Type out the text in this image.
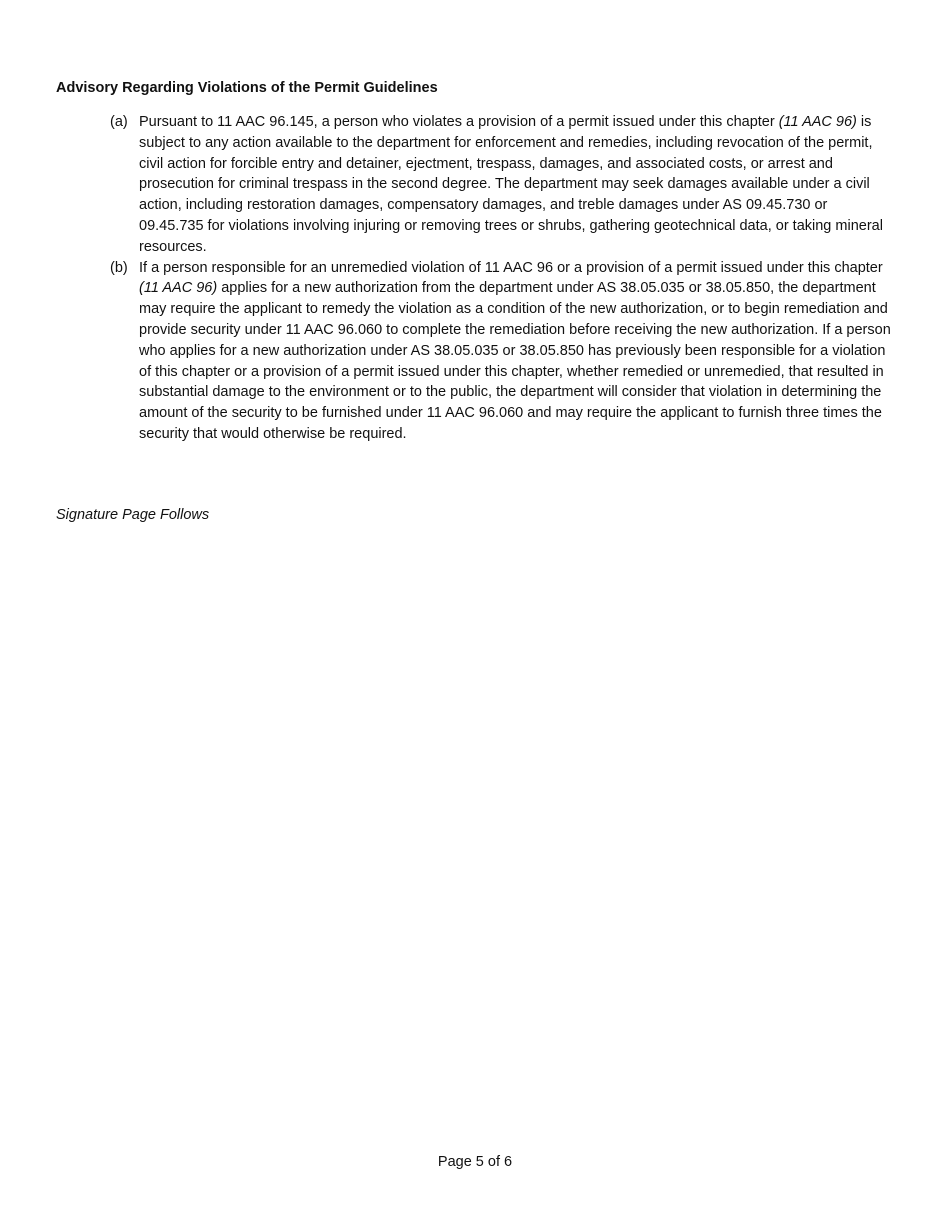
Advisory Regarding Violations of the Permit Guidelines
(a) Pursuant to 11 AAC 96.145, a person who violates a provision of a permit issued under this chapter (11 AAC 96) is subject to any action available to the department for enforcement and remedies, including revocation of the permit, civil action for forcible entry and detainer, ejectment, trespass, damages, and associated costs, or arrest and prosecution for criminal trespass in the second degree. The department may seek damages available under a civil action, including restoration damages, compensatory damages, and treble damages under AS 09.45.730 or 09.45.735 for violations involving injuring or removing trees or shrubs, gathering geotechnical data, or taking mineral resources.

(b) If a person responsible for an unremedied violation of 11 AAC 96 or a provision of a permit issued under this chapter (11 AAC 96) applies for a new authorization from the department under AS 38.05.035 or 38.05.850, the department may require the applicant to remedy the violation as a condition of the new authorization, or to begin remediation and provide security under 11 AAC 96.060 to complete the remediation before receiving the new authorization. If a person who applies for a new authorization under AS 38.05.035 or 38.05.850 has previously been responsible for a violation of this chapter or a provision of a permit issued under this chapter, whether remedied or unremedied, that resulted in substantial damage to the environment or to the public, the department will consider that violation in determining the amount of the security to be furnished under 11 AAC 96.060 and may require the applicant to furnish three times the security that would otherwise be required.

Signature Page Follows

Page 5 of 6
